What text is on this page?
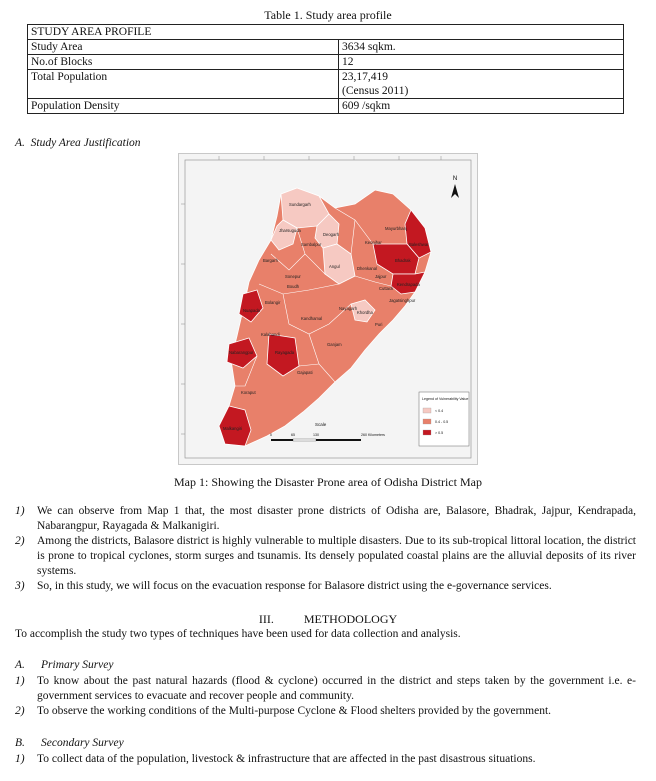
Table 1. Study area profile
STUDY AREA PROFILE	
Study Area	3634 sqkm.
No.of Blocks	12
Total Population	23,17,419
(Census 2011)

Population Density	609 /sqkm
A. Study Area Justification
Sundargarh
Jharsuguda
Sambalpur
Deogarh
Mayurbhanj
Keonjhar
Bargarh
Baleshwar
Sonepur
Angul	Dhenkanal
Bhadrak
Boudh	Kendrapada
Bolangir
Cuttack
Jagatsinghpur
Nuapada
Kandhamal
Nayagarh
Khordha
Kalahandi
Puri
Ganjam
Nabarangpur	Rayagada
Gajapati
Koraput
Malkangiri
Jajpur
N
Legend of Vulnerability Value
< 0.4
0.4 - 0.5
> 0.5
Scale
0	65	130	260 Kilometers
Map 1: Showing the Disaster Prone area of Odisha District Map
1) We can observe from Map 1 that, the most disaster prone districts of Odisha are, Balasore, Bhadrak, Jajpur, Kendrapada, Nabarangpur, Rayagada & Malkanigiri.
2) Among the districts, Balasore district is highly vulnerable to multiple disasters. Due to its sub-tropical littoral location, the district is prone to tropical cyclones, storm surges and tsunamis. Its densely populated coastal plains are the alluvial deposits of its river systems.
3) So, in this study, we will focus on the evacuation response for Balasore district using the e-governance services.
III.	METHODOLOGY
To accomplish the study two types of techniques have been used for data collection and analysis.
A. Primary Survey
1) To know about the past natural hazards (flood & cyclone) occurred in the district and steps taken by the government i.e. e-government services to evacuate and recover people and community.
2) To observe the working conditions of the Multi-purpose Cyclone & Flood shelters provided by the government.
B. Secondary Survey
1) To collect data of the population, livestock & infrastructure that are affected in the past disastrous situations.
